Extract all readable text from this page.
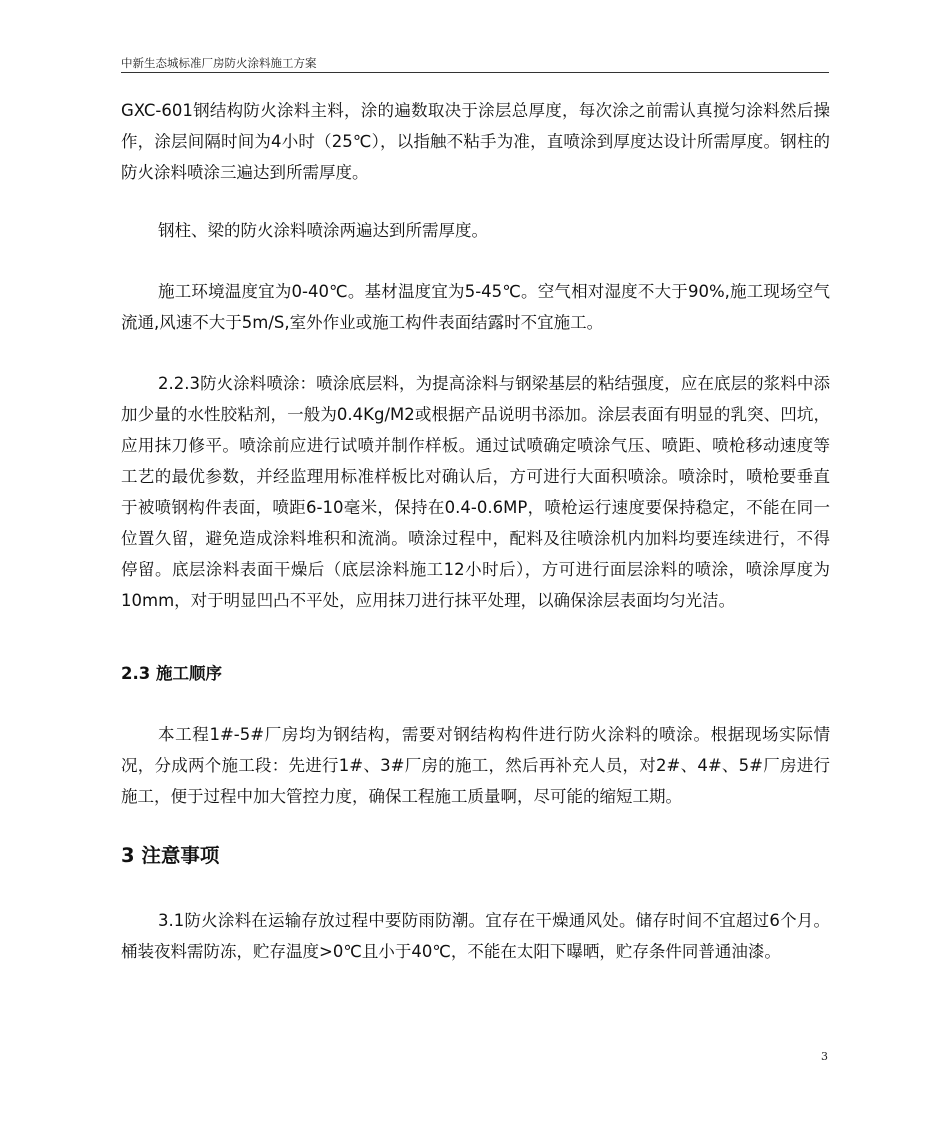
中新生态城标准厂房防火涂料施工方案
GXC-601钢结构防火涂料主料，涂的遍数取决于涂层总厚度，每次涂之前需认真搅匀涂料然后操作，涂层间隔时间为4小时（25℃），以指触不粘手为准，直喷涂到厚度达设计所需厚度。钢柱的防火涂料喷涂三遍达到所需厚度。
钢柱、梁的防火涂料喷涂两遍达到所需厚度。
施工环境温度宜为0-40℃。基材温度宜为5-45℃。空气相对湿度不大于90%,施工现场空气流通,风速不大于5m/S,室外作业或施工构件表面结露时不宜施工。
2.2.3防火涂料喷涂：喷涂底层料，为提高涂料与钢梁基层的粘结强度，应在底层的浆料中添加少量的水性胶粘剂，一般为0.4Kg/M2或根据产品说明书添加。涂层表面有明显的乳突、凹坑，应用抹刀修平。喷涂前应进行试喷并制作样板。通过试喷确定喷涂气压、喷距、喷枪移动速度等工艺的最优参数，并经监理用标准样板比对确认后，方可进行大面积喷涂。喷涂时，喷枪要垂直于被喷钢构件表面，喷距6-10毫米，保持在0.4-0.6MP，喷枪运行速度要保持稳定，不能在同一位置久留，避免造成涂料堆积和流淌。喷涂过程中，配料及往喷涂机内加料均要连续进行，不得停留。底层涂料表面干燥后（底层涂料施工12小时后），方可进行面层涂料的喷涂，喷涂厚度为10mm，对于明显凹凸不平处，应用抹刀进行抹平处理，以确保涂层表面均匀光洁。
2.3 施工顺序
本工程1#-5#厂房均为钢结构，需要对钢结构构件进行防火涂料的喷涂。根据现场实际情况，分成两个施工段：先进行1#、3#厂房的施工，然后再补充人员，对2#、4#、5#厂房进行施工，便于过程中加大管控力度，确保工程施工质量啊，尽可能的缩短工期。
3 注意事项
3.1防火涂料在运输存放过程中要防雨防潮。宜存在干燥通风处。储存时间不宜超过6个月。桶装夜料需防冻，贮存温度>0℃且小于40℃，不能在太阳下曝晒，贮存条件同普通油漆。
3
